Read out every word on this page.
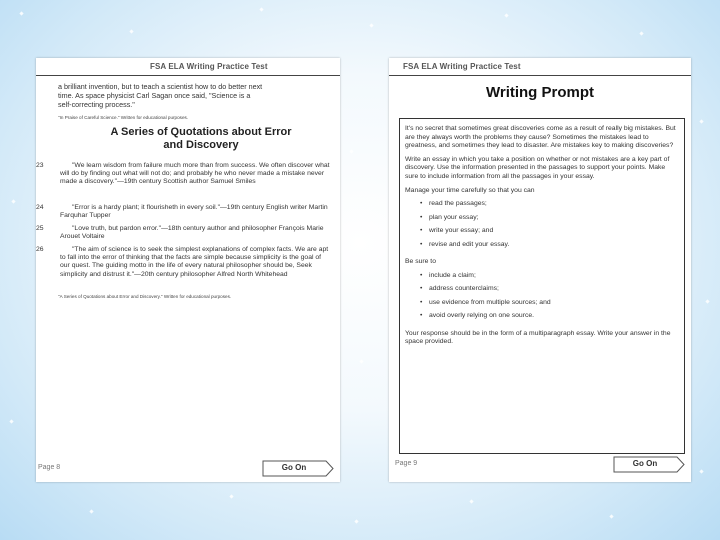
FSA ELA Writing Practice Test
a brilliant invention, but to teach a scientist how to do better next
time. As space physicist Carl Sagan once said, "Science is a
self-correcting process."
"In Praise of Careful Science." Written for educational purposes.
A Series of Quotations about Error
and Discovery
23	"We learn wisdom from failure much more than from success. We often discover what will do by finding out what will not do; and probably he who never made a mistake never made a discovery."—19th century Scottish author Samuel Smiles
24	"Error is a hardy plant; it flourisheth in every soil."—19th century English writer Martin Farquhar Tupper
25	"Love truth, but pardon error."—18th century author and philosopher François Marie Arouet Voltaire
26	"The aim of science is to seek the simplest explanations of complex facts. We are apt to fall into the error of thinking that the facts are simple because simplicity is the goal of our quest. The guiding motto in the life of every natural philosopher should be, Seek simplicity and distrust it."—20th century philosopher Alfred North Whitehead
"A Series of Quotations about Error and Discovery." Written for educational purposes.
Page 8	Go On
FSA ELA Writing Practice Test
Writing Prompt

It's no secret that sometimes great discoveries come as a result of really big mistakes. But are they always worth the problems they cause? Sometimes the mistakes lead to greatness, and sometimes they lead to disaster. Are mistakes key to making discoveries?

Write an essay in which you take a position on whether or not mistakes are a key part of discovery. Use the information presented in the passages to support your points. Make sure to include information from all the passages in your essay.

Manage your time carefully so that you can

• read the passages;
• plan your essay;
• write your essay; and
• revise and edit your essay.

Be sure to

• include a claim;
• address counterclaims;
• use evidence from multiple sources; and
• avoid overly relying on one source.

Your response should be in the form of a multiparagraph essay. Write your answer in the space provided.

Page 9	Go On
